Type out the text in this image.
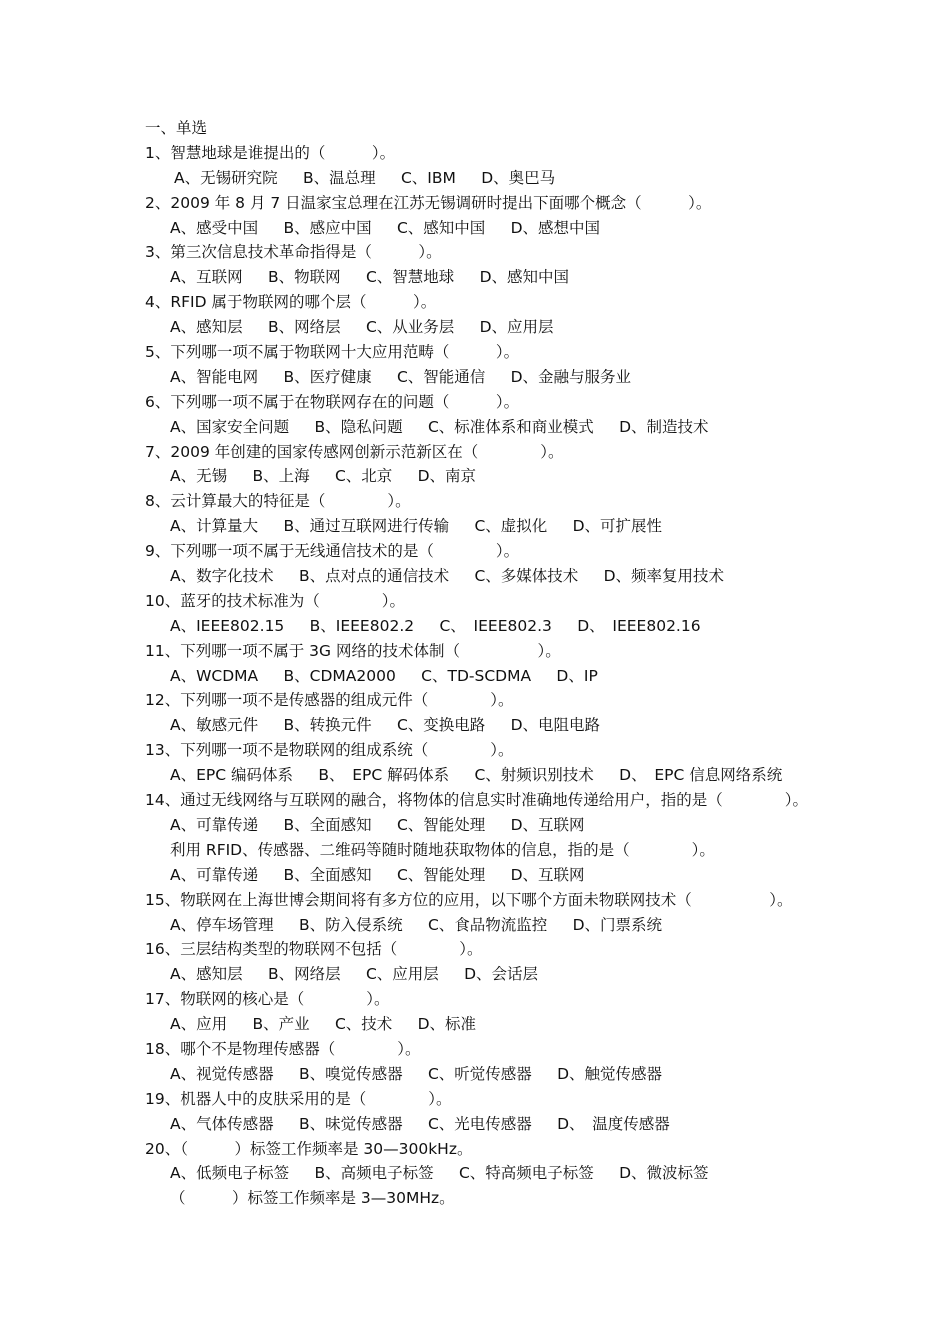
一、单选
1、智慧地球是谁提出的（　　　）。
A、无锡研究院　  B、温总理　  C、IBM　  D、奥巴马
2、2009 年 8 月 7 日温家宝总理在江苏无锡调研时提出下面哪个概念（　　　）。
A、感受中国　  B、感应中国　  C、感知中国　  D、感想中国
3、第三次信息技术革命指得是（　　　）。
A、互联网　  B、物联网　  C、智慧地球　  D、感知中国
4、RFID 属于物联网的哪个层（　　　）。
A、感知层　  B、网络层　  C、从业务层　  D、应用层
5、下列哪一项不属于物联网十大应用范畴（　　　）。
A、智能电网　  B、医疗健康　  C、智能通信　  D、金融与服务业
6、下列哪一项不属于在物联网存在的问题（　　　）。
A、国家安全问题　  B、隐私问题　  C、标准体系和商业模式　  D、制造技术
7、2009 年创建的国家传感网创新示范新区在（　　　　）。
A、无锡　  B、上海　  C、北京　  D、南京
8、云计算最大的特征是（　　　　）。
A、计算量大　  B、通过互联网进行传输　  C、虚拟化　  D、可扩展性
9、下列哪一项不属于无线通信技术的是（　　　　）。
A、数字化技术　  B、点对点的通信技术　  C、多媒体技术　  D、频率复用技术
10、蓝牙的技术标准为（　　　　）。
A、IEEE802.15　  B、IEEE802.2　  C、　IEEE802.3　  D、　IEEE802.16
11、下列哪一项不属于 3G 网络的技术体制（　　　　　）。
A、WCDMA　  B、CDMA2000　  C、TD-SCDMA　  D、IP
12、下列哪一项不是传感器的组成元件（　　　　）。
A、敏感元件　  B、转换元件　  C、变换电路　  D、电阻电路
13、下列哪一项不是物联网的组成系统（　　　　）。
A、EPC 编码体系　  B、　EPC 解码体系　  C、射频识别技术　  D、　EPC 信息网络系统
14、通过无线网络与互联网的融合，将物体的信息实时准确地传递给用户，指的是（　　　　）。
A、可靠传递　  B、全面感知　  C、智能处理　  D、互联网
利用 RFID、传感器、二维码等随时随地获取物体的信息，指的是（　　　　）。
A、可靠传递　  B、全面感知　  C、智能处理　  D、互联网
15、物联网在上海世博会期间将有多方位的应用，以下哪个方面未物联网技术（　　　　　）。
A、停车场管理　  B、防入侵系统　  C、食品物流监控　  D、门票系统
16、三层结构类型的物联网不包括（　　　　）。
A、感知层　  B、网络层　  C、应用层　  D、会话层
17、物联网的核心是（　　　　）。
A、应用　  B、产业　  C、技术　  D、标准
18、哪个不是物理传感器（　　　　）。
A、视觉传感器　  B、嗅觉传感器　  C、听觉传感器　  D、触觉传感器
19、机器人中的皮肤采用的是（　　　　）。
A、气体传感器　  B、味觉传感器　  C、光电传感器　  D、　温度传感器
20、（　　　）标签工作频率是 30—300kHz。
A、低频电子标签　  B、高频电子标签　  C、特高频电子标签　  D、微波标签
（　　　）标签工作频率是 3—30MHz。
